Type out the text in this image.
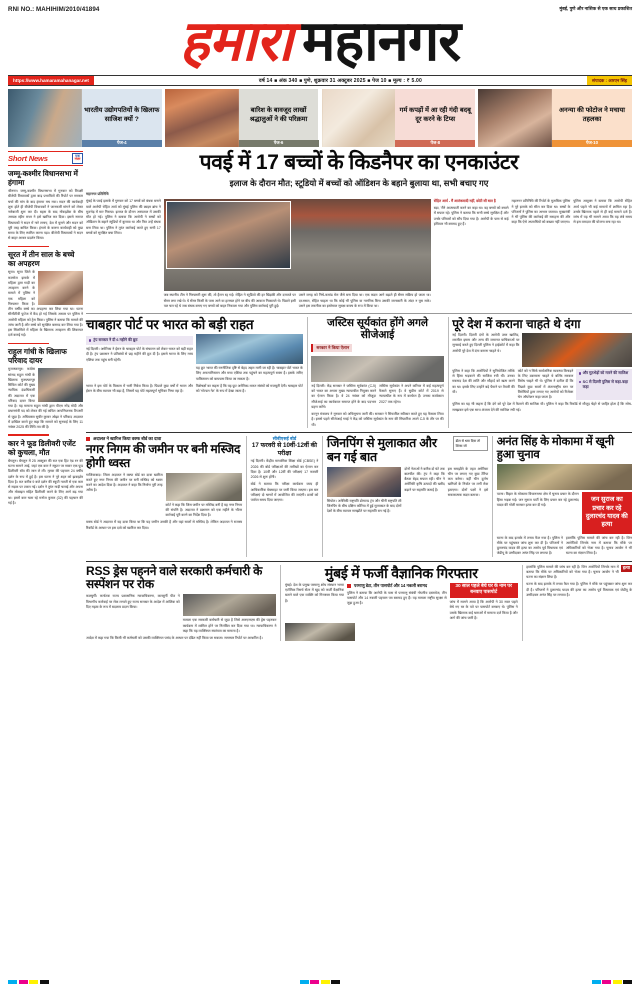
RNI NO.: MAHIHIM/2010/41894	मुंबई, पुणे और नाशिक से एक साथ प्रकाशित
हमारा महानगर
https://www.hamaramahanagar.net	वर्ष 14 ■ अंक 340 ■ पुणे, शुक्रवार 31 अक्टूबर 2025 ■ पेज 10 ■ मूल्य : ₹ 5.00	संपादक : आरएन सिंह
भारतीय उद्योगपतियों के खिलाफ साजिश क्यों ?
पेज-4
बारिश के बावजूद लाखों श्रद्धालुओं ने की परिक्रमा
पेज-6
गर्म कपड़ों में आ रही गंदी बदबू दूर करने के टिप्स
पेज-8
अनन्या की फोटोज ने मचाया तहलका
पेज-10
Short News	एक
नजर
जम्मू-कश्मीर विधानसभा में हंगामा
श्रीनगर। जम्मू-कश्मीर विधानसभा में गुरुवार को विपक्षी बीजेपी विधायकों द्वारा बाढ़ प्रभावितों की रिपोर्ट पर सरकार चर्चा की मांग के बाद हंगामा मच गया। सदन की कार्यवाही शुरू होते ही बीजेपी विधायकों ने जानकारी मांगने को लेकर नारेबाजी शुरू कर दी। बहस के बाद नोंकझोंक के बीच अध्यक्ष रहीम राथर ने इसे खारिज कर दिया। इससे नाराज विधायकों ने सदन में नारे लगाए, देश में घुसने और सदन को पूरी तरह बाधित किया। हंगामे के कारण कार्यवाही को कुछ समय के लिए स्थगित करना पड़ा। बीजेपी विधायकों ने सदन से बाहर आकर प्रदर्शन किया।
सूरत में तीन साल के बच्चे का अपहरण
सूरत। सूरत जिले के कामरेज इलाके में महिला द्वारा गाड़ी का अपहरण करने के मामले में पुलिस ने एक महिला को गिरफ्तार किया है। तीन वर्षीय बच्चे का अपहरण कर लिया गया था। घटना सीसीटीवी फुटेज में कैद हो गई जिसके आधार पर पुलिस ने आरोपी महिला को ट्रेस किया। पुलिस ने बताया कि मामले की जांच जारी है और बच्चे को सुरक्षित बरामद कर लिया गया है। इस सिलसिले में महिला के खिलाफ अपहरण की शिकायत दर्ज कराई गई।
राहुल गांधी के खिलाफ परिवाद दायर
मुजफ्फरपुर। कांग्रेस सांसद राहुल गांधी के खिलाफ मुजफ्फरपुर सिविल कोर्ट की मुख्य न्यायिक दंडाधिकारी की अदालत में एक परिवाद दायर किया गया है। यह मामला राहुल गांधी द्वारा पीएम नरेंद्र मोदी और प्रधानमंत्री पद को लेकर की गई कथित आपत्तिजनक टिप्पणी से जुड़ा है। अधिवक्ता सुधीर कुमार ओझा ने परिवाद अदालत में दाखिल करते हुए कहा कि मामले को सुनवाई के लिए 11 नवंबर 2025 की तिथि तय की है।
कार ने फूड डिलीवरी एजेंट को कुचला, मौत
बेंगलुरु। बेंगलुरु में 25 अक्टूबर की रात एक हिट एंड रन की घटना सामने आई, जहां एक कार ने स्कूटर पर सवार एक फूड डिलीवरी बॉय की जान ले ली। मृतक की पहचान 24 वर्षीय दर्शन के रूप में हुई है। इस घटना ने पूरे शहर को झकझोर दिया है। रात करीब 9 बजे दर्शन की स्कूटी गलती से एक कार से सड़क पर टकरा गई। दर्शन ने तुरंत गाड़ी चलाई और अपना और मोबाइल सहित डिलीवरी करने के लिए आगे बढ़ गया था। इसमें कार चला रहे मनोज कुमार (32) की पहचान की गई है।
पवई में 17 बच्चों के किडनैपर का एनकाउंटर
इलाज के दौरान मौत; स्टूडियो में बच्चों को ऑडिशन के बहाने बुलाया था, सभी बचाए गए
महानगर प्रतिनिधि
मुंबई के पवई इलाके में गुरुवार को 17 बच्चों को बंधक बनाने वाले आरोपी रोहित आर्य को मुंबई पुलिस की क्राइम ब्रांच ने मुठभेड़ में मार गिराया। इलाज के दौरान अस्पताल में उसकी मौत हो गई। पुलिस ने बताया कि आरोपी ने बच्चों को ऑडिशन के बहाने स्टूडियो में बुलाया था और फिर उन्हें बंधक बना लिया था। पुलिस ने तुरंत कार्रवाई करते हुए सभी 17 बच्चों को सुरक्षित बचा लिया।
जब स्थानीय टीम ने गिरफ्तारी शुरू की, तो हैरान रह गई। रोहित ने स्टूडियो की हर खिड़की और दरवाजे पर सेंसर लगा रखे थे। ये सेंसर किसी के पास आने या हलचल होने पर बीप की आवाज निकालते थे। पिछले इसी पल चल रहे थे जब बंधक बनाए गए बच्चों को बाहर निकाला गया और पुलिस कार्रवाई पूरी हुई।
उसने जगह को निचे-कमांड मेरा जैसे बना दिया था। एक कदम आगे बढ़ाते ही सेंसर सक्रिय हो जाता था। दरअसल, रोहित चाहता था कि कोई भी पुलिस या नागरिक बिना उसकी जानकारी के अंदर न घुस सके। उसने इस तकनीक का इस्तेमाल सुरक्षा कवच के रूप में किया था।
रोहित आर्य - मैं आतंकवादी नहीं, छोटी सी बात है
बड़ा, 'मैंने आत्मघाती करने का कहा था। वह बच्चों को बचाने में सफल रहे। पुलिस ने बताया कि सभी बच्चे सुरक्षित हैं और उनके परिवारों को सौंप दिया गया है। आरोपी के पास से कई हथियार भी बरामद हुए हैं।
महानगर प्रतिनिधि की रिपोर्ट के मुताबिक पुलिस ने पूरे इलाके को सील कर दिया था। बच्चों के परिजनों ने पुलिस का आभार जताया। मुख्यमंत्री ने भी पुलिस की कार्रवाई की सराहना की और कहा कि ऐसे अपराधियों को बख्शा नहीं जाएगा।
पुलिस आयुक्त ने बताया कि आरोपी रोहित आर्य पहले भी कई मामलों में शामिल रहा है। उसके खिलाफ पहले से ही कई मामले दर्ज हैं। जांच में यह भी सामने आया कि वह लंबे समय से इस वारदात की योजना बना रहा था।
चाबहार पोर्ट पर भारत को बड़ी राहत
ट्रंप सरकार ने दी 6 महीने की छूट
नई दिल्ली। अमेरिका ने ईरान के चाबहार पोर्ट के संचालन को लेकर भारत को बड़ी राहत दी है। ट्रंप प्रशासन ने प्रतिबंधों से छह महीने की छूट दी है। इससे भारत के लिए मध्य एशिया तक पहुंच बनी रहेगी।
यह छूट भारत की रणनीतिक दृष्टि से बेहद अहम मानी जा रही है। चाबहार पोर्ट भारत के लिए अफगानिस्तान और मध्य एशिया तक पहुंचने का महत्वपूर्ण रास्ता है। इसके जरिए पाकिस्तान को बायपास किया जा सकता है।
भारत ने इस पोर्ट के विकास में भारी निवेश किया है। पिछले कुछ वर्षों में भारत और ईरान के बीच व्यापार भी बढ़ा है, जिसमें यह पोर्ट महत्वपूर्ण भूमिका निभा रहा है।
विशेषज्ञों का कहना है कि यह छूट अमेरिका-भारत संबंधों को मजबूती देगी। चाबहार पोर्ट को 'गोल्डन गेट' के रूप में देखा जाता है।
जस्टिस सूर्यकांत होंगे अगले सीजेआई
सरकार ने किया ऐलान
नई दिल्ली। केंद्र सरकार ने जस्टिस सूर्यकांत (CJI) को भारत का अगला मुख्य न्यायाधीश नियुक्त करने का ऐलान किया है। वे 24 नवंबर को मौजूदा सीजेआई का कार्यकाल समाप्त होने के बाद पदभार ग्रहण करेंगे।
जस्टिस सूर्यकांत ने अपने करियर में कई महत्वपूर्ण फैसले सुनाए हैं। वे सुप्रीम कोर्ट में 2019 से न्यायाधीश के रूप में कार्यरत हैं। उनका कार्यकाल 2027 तक रहेगा।
कानून मंत्रालय ने गुरुवार को अधिसूचना जारी की। सरकार ने सिफारिश स्वीकार करते हुए यह फैसला लिया है। इससे पहले सीजेआई गवई ने केंद्र को जस्टिस सूर्यकांत के नाम की सिफारिश अपने CJI के तौर पर की थी।
पूरे देश में कराना चाहते थे दंगा
नई दिल्ली। दिल्ली दंगों के आरोपी उमर खालिद, शरजील इमाम और अन्य की जमानत याचिकाओं पर सुनवाई करते हुए दिल्ली पुलिस ने हाईकोर्ट में कहा कि आरोपी पूरे देश में दंगा कराना चाहते थे।
पुलिस ने कहा कि आरोपियों ने सुनियोजित तरीके से हिंसा भड़काने की साजिश रची थी। उनका मकसद देश की शांति और सौहार्द को खत्म करने का था। इसके लिए उन्होंने बड़े पैमाने पर तैयारी की थी।
कोर्ट को न सिर्फ सार्वजनिक व्यवस्था बिगाड़ने के लिए उकसाना चाहते थे बल्कि सरकार विरोध चाहते भी थे। पुलिस ने दलील दी कि पिछले कुछ सालों में अंतरराष्ट्रीय स्तर पर विरोधियों द्वारा लगाए गए आरोपों को रिजेक्ट चेन ऑपरेशन कहा जाता है।
और मुठभेड़ों को मारने की साजिश
SC से दिल्ली पुलिस से कहा-कहा कहा
पुलिस का यह भी कहना है कि दंगे को पूरे देश में फैलाने की साजिश थी। पुलिस ने कहा कि रिकॉर्ड से मौजूद चेहरे से जाहिर होता है कि सोच-समझकर इसे एक साथ अंजाम देने की साजिश रची गई।
अदालत ने खारिज किया वक्फ बोर्ड का दावा
नगर निगम की जमीन पर बनी मस्जिद होगी ध्वस्त
गाजियाबाद। जिला अदालत ने वक्फ बोर्ड का दावा खारिज करते हुए नगर निगम की जमीन पर बनी मस्जिद को ध्वस्त करने का आदेश दिया है। अदालत ने कहा कि निर्माण पूरी तरह अवैध है।
कोर्ट ने कहा कि जिस जमीन पर मस्जिद बनी है वह नगर निगम की संपत्ति है। अदालत ने प्रशासन को एक महीने के भीतर कार्रवाई पूरी करने का निर्देश दिया है।
वक्फ बोर्ड ने अदालत में यह दावा किया था कि यह जमीन उसकी है और यहां सालों से मस्जिद है। लेकिन अदालत ने राजस्व रिकॉर्ड के आधार पर इस दावे को खारिज कर दिया।
सीबीएसई बोर्ड
17 फरवरी से 10वीं-12वीं की परीक्षा
नई दिल्ली। केंद्रीय माध्यमिक शिक्षा बोर्ड (CBSE) ने 2026 की बोर्ड परीक्षाओं की तारीखों का ऐलान कर दिया है। 10वीं और 12वीं की परीक्षाएं 17 फरवरी 2026 से शुरू होंगी।
बोर्ड ने बताया कि परीक्षा कार्यक्रम जल्द ही आधिकारिक वेबसाइट पर जारी किया जाएगा। इस बार परीक्षाएं दो चरणों में आयोजित की जाएंगी। छात्रों को पर्याप्त समय दिया जाएगा।
जिनपिंग से मुलाकात और बन गई बात
डील से धमा दिया तो शिफ्ट जो
सियोल। अमेरिकी राष्ट्रपति डोनाल्ड ट्रंप और चीनी राष्ट्रपति शी जिनपिंग के बीच दक्षिण कोरिया में हुई मुलाकात के बाद दोनों देशों के बीच व्यापार समझौते पर सहमति बन गई है।
दोनों नेताओं ने करीब दो घंटे तक बातचीत की। ट्रंप ने कहा कि बैठक बेहद सफल रही। चीन ने अमेरिकी कृषि उत्पादों की खरीद बढ़ाने पर सहमति जताई है।
इस समझौते के तहत अमेरिका चीन पर लगाए गए कुछ टैरिफ कम करेगा। वहीं चीन दुर्लभ खनिजों के निर्यात पर लगी रोक हटाएगा। दोनों पक्षों ने इसे सकारात्मक कदम बताया।
अनंत सिंह के मोकामा में खूनी हुआ चुनाव
पटना। बिहार के मोकामा विधानसभा क्षेत्र में चुनाव प्रचार के दौरान हिंसा भड़क गई। जन सुराज पार्टी के लिए प्रचार कर रहे दुलारचंद यादव की गोली मारकर हत्या कर दी गई।
जन सुराज का प्रचार कर रहे दुलारचंद यादव की हत्या
घटना के बाद इलाके में तनाव फैल गया है। पुलिस ने मौके पर पहुंचकर जांच शुरू कर दी है। परिजनों ने दुलारचंद यादव की हत्या का आरोप पूर्व विधायक एवं जेडीयू के उम्मीदवार अनंत सिंह पर लगाया है।
हालांकि पुलिस मामले की जांच कर रही है। जिन आरोपियों जिनके नाम में बताया कि मौके पर अधिकारियों को भेजा गया है। चुनाव आयोग ने भी घटना का संज्ञान लिया है।
RSS ड्रेस पहनने वाले सरकारी कर्मचारी के सस्पेंशन पर रोक
कलबुर्गी। कर्नाटक राज्य प्रशासनिक न्यायाधिकरण, कलबुर्गी पीठ ने विभागीय कार्रवाई पर रोक लगाते हुए राज्य सरकार के आदेश में आंशिक को दिए महत्व के रूप में बदलाव प्रदान किया।
मामला एक सरकारी कर्मचारी से जुड़ा है जिसे आरएसएस की ड्रेस पहनकर कार्यक्रम में शामिल होने पर निलंबित कर दिया गया था। न्यायाधिकरण ने कहा कि यह व्यक्तिगत स्वतंत्रता का मामला है।
आदेश में कहा गया कि किसी भी कर्मचारी को उसकी व्यक्तिगत पसंद के आधार पर दंडित नहीं किया जा सकता। समाचार रिपोर्ट पर आधारित है।
मुंबई में फर्जी वैज्ञानिक गिरफ्तार
मुंबई। देश के प्रमुख परमाणु शोध संस्थान भाभा एटॉमिक रिसर्च सेंटर में खुद को फर्जी वैज्ञानिक बताने वाले एक व्यक्ति को गिरफ्तार किया गया है।
परमाणु डेटा, तीन पासपोर्ट और 14 नकली बरामद
पुलिस ने बताया कि आरोपी के पास से परमाणु संबंधी गोपनीय दस्तावेज, तीन पासपोर्ट और 14 नकली पहचान पत्र बरामद हुए हैं। यह मामला राष्ट्रीय सुरक्षा से जुड़ा हुआ है।
30 साल पहले बेचे घर के नाम पर बनवाए पासपोर्ट
जांच में सामने आया है कि आरोपी ने 30 साल पहले बेचे गए घर के पते पर पासपोर्ट बनवाए थे। पुलिस ने उसके खिलाफ कई धाराओं में मामला दर्ज किया है और आगे की जांच जारी है।
हालांकि पुलिस मामले की जांच कर रही है। जिन आरोपियों जिनके नाम में बताया कि मौके पर अधिकारियों को भेजा गया है। चुनाव आयोग ने भी घटना का संज्ञान लिया है।
हत्या
घटना के बाद इलाके में तनाव फैल गया है। पुलिस ने मौके पर पहुंचकर जांच शुरू कर दी है। परिजनों ने दुलारचंद यादव की हत्या का आरोप पूर्व विधायक एवं जेडीयू के उम्मीदवार अनंत सिंह पर लगाया है।
